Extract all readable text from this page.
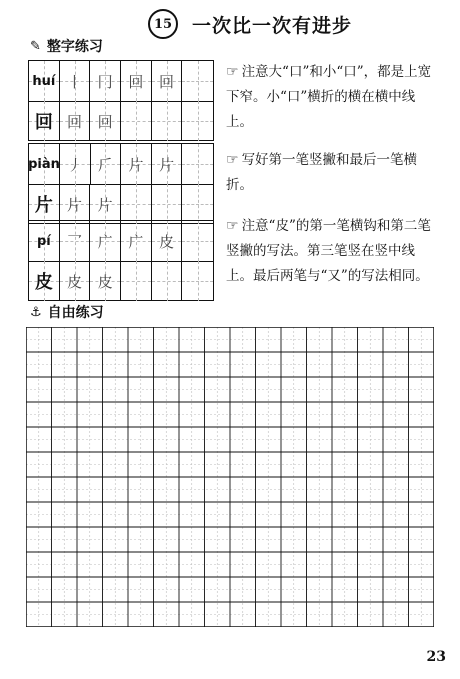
15	一次比一次有进步
✎ 整字练习
huí 丨 冂 回 回
回 回 回
☞ 注意大“口”和小“口”，都是上宽下窄。小“口”横折的横在横中线上。
piàn 丿 𠂆 片 片
片 片 片
☞ 写好第一笔竖撇和最后一笔横折。
pí 乛 广 广 皮
皮 皮 皮
☞ 注意“皮”的第一笔横钩和第二笔竖撇的写法。第三笔竖在竖中线上。最后两笔与“又”的写法相同。
⚓ 自由练习
23
